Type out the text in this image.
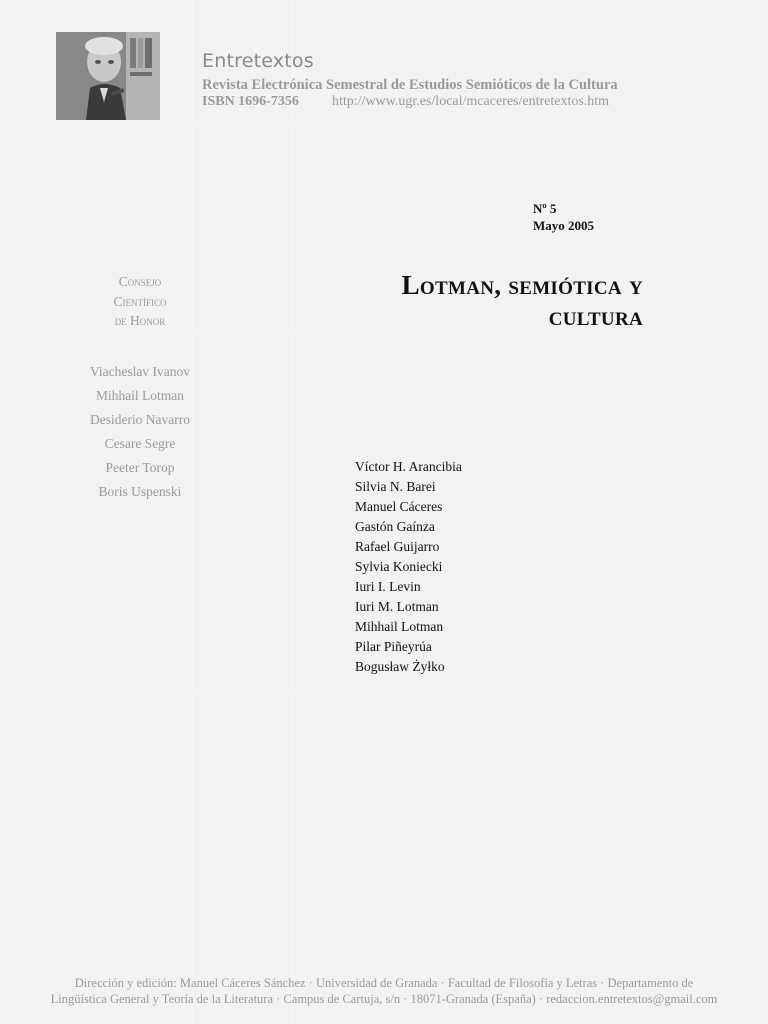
Entretextos
Revista Electrónica Semestral de Estudios Semióticos de la Cultura
ISBN 1696-7356 http://www.ugr.es/local/mcaceres/entretextos.htm
Nº 5
Mayo 2005
Lotman, semiótica y
cultura
Consejo
Científico
de Honor
Viacheslav Ivanov
Mihhail Lotman
Desiderio Navarro
Cesare Segre
Peeter Torop
Boris Uspenski
Víctor H. Arancibia
Silvia N. Barei
Manuel Cáceres
Gastón Gaínza
Rafael Guijarro
Sylvia Koniecki
Iuri I. Levin
Iuri M. Lotman
Mihhail Lotman
Pilar Piñeyrúa
Bogusław Żyłko
Dirección y edición: Manuel Cáceres Sánchez · Universidad de Granada · Facultad de Filosofía y Letras · Departamento de
Lingüística General y Teoría de la Literatura · Campus de Cartuja, s/n · 18071-Granada (España) · redaccion.entretextos@gmail.com
